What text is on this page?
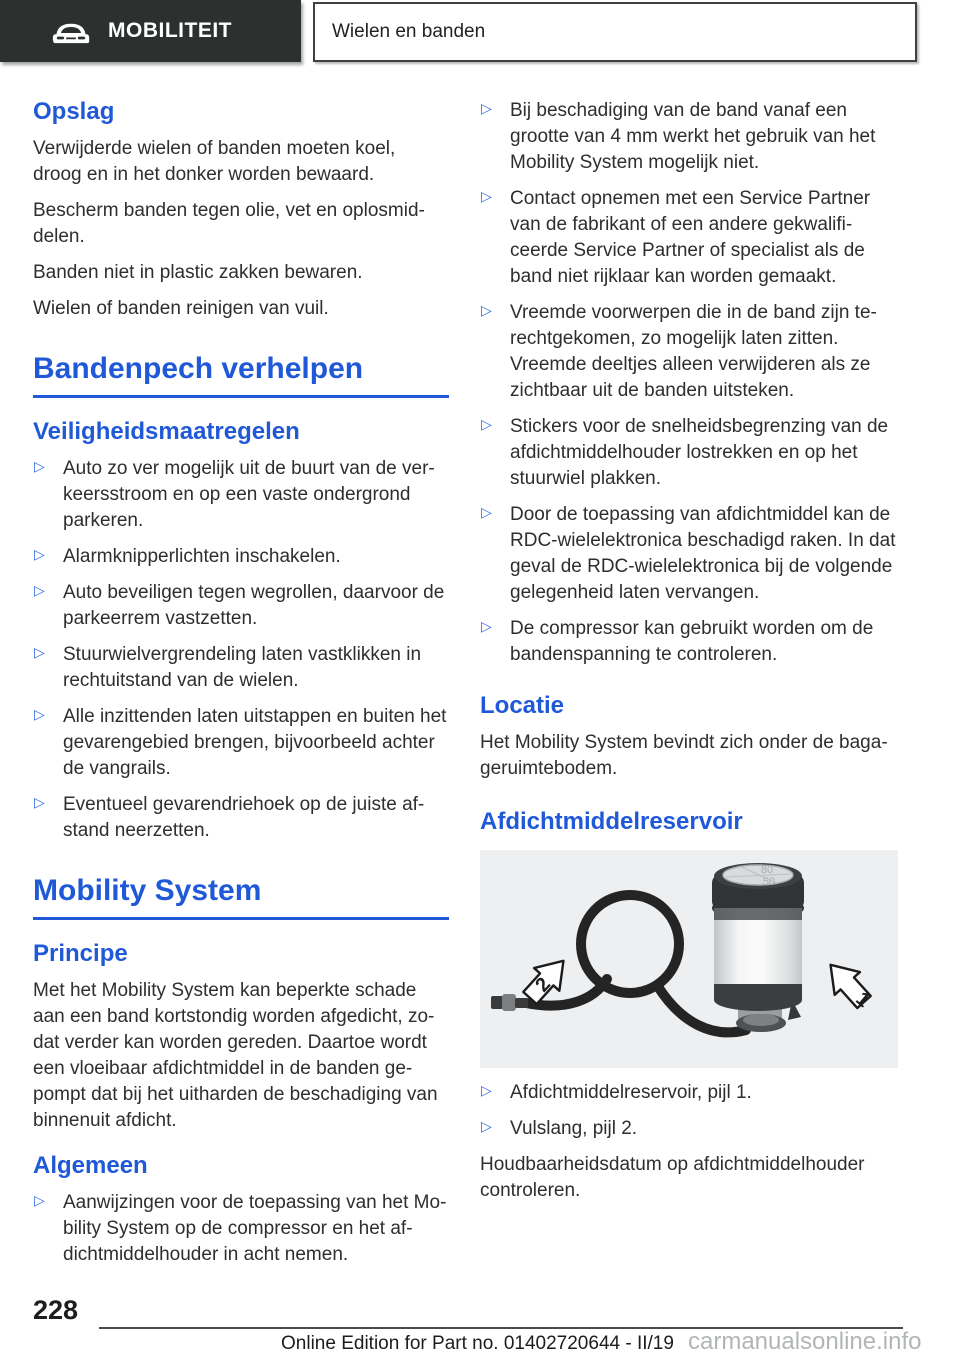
MOBILITEIT	Wielen en banden
Opslag

Verwijderde wielen of banden moeten koel, droog en in het donker worden bewaard.

Bescherm banden tegen olie, vet en oplosmid-delen.

Banden niet in plastic zakken bewaren.

Wielen of banden reinigen van vuil.

Bandenpech verhelpen
Veiligheidsmaatregelen
▷ Auto zo ver mogelijk uit de buurt van de ver-keersstroom en op een vaste ondergrond parkeren.
▷ Alarmknipperlichten inschakelen.
▷ Auto beveiligen tegen wegrollen, daarvoor de parkeerrem vastzetten.
▷ Stuurwielvergrendeling laten vastklikken in rechtuitstand van de wielen.
▷ Alle inzittenden laten uitstappen en buiten het gevarengebied brengen, bijvoorbeeld achter de vangrails.
▷ Eventueel gevarendriehoek op de juiste af-stand neerzetten.
Mobility System
Principe

Met het Mobility System kan beperkte schade aan een band kortstondig worden afgedicht, zo-dat verder kan worden gereden. Daartoe wordt een vloeibaar afdichtmiddel in de banden ge-pompt dat bij het uitharden de beschadiging van binnenuit afdicht.

Algemeen
▷ Aanwijzingen voor de toepassing van het Mo-bility System op de compressor en het af-dichtmiddelhouder in acht nemen.
▷ Bij beschadiging van de band vanaf een grootte van 4 mm werkt het gebruik van het Mobility System mogelijk niet.
▷ Contact opnemen met een Service Partner van de fabrikant of een andere gekwalifi-ceerde Service Partner of specialist als de band niet rijklaar kan worden gemaakt.
▷ Vreemde voorwerpen die in de band zijn te-rechtgekomen, zo mogelijk laten zitten. Vreemde deeltjes alleen verwijderen als ze zichtbaar uit de banden uitsteken.
▷ Stickers voor de snelheidsbegrenzing van de afdichtmiddelhouder lostrekken en op het stuurwiel plakken.
▷ Door de toepassing van afdichtmiddel kan de RDC-wielelektronica beschadigd raken. In dat geval de RDC-wielelektronica bij de volgende gelegenheid laten vervangen.
▷ De compressor kan gebruikt worden om de bandenspanning te controleren.
Locatie

Het Mobility System bevindt zich onder de baga-geruimtebodem.

Afdichtmiddelreservoir
80
50
2
1
▷ Afdichtmiddelreservoir, pijl 1.
▷ Vulslang, pijl 2.

Houdbaarheidsdatum op afdichtmiddelhouder controleren.

228
Online Edition for Part no. 01402720644 - II/19 carmanualsonline.info
